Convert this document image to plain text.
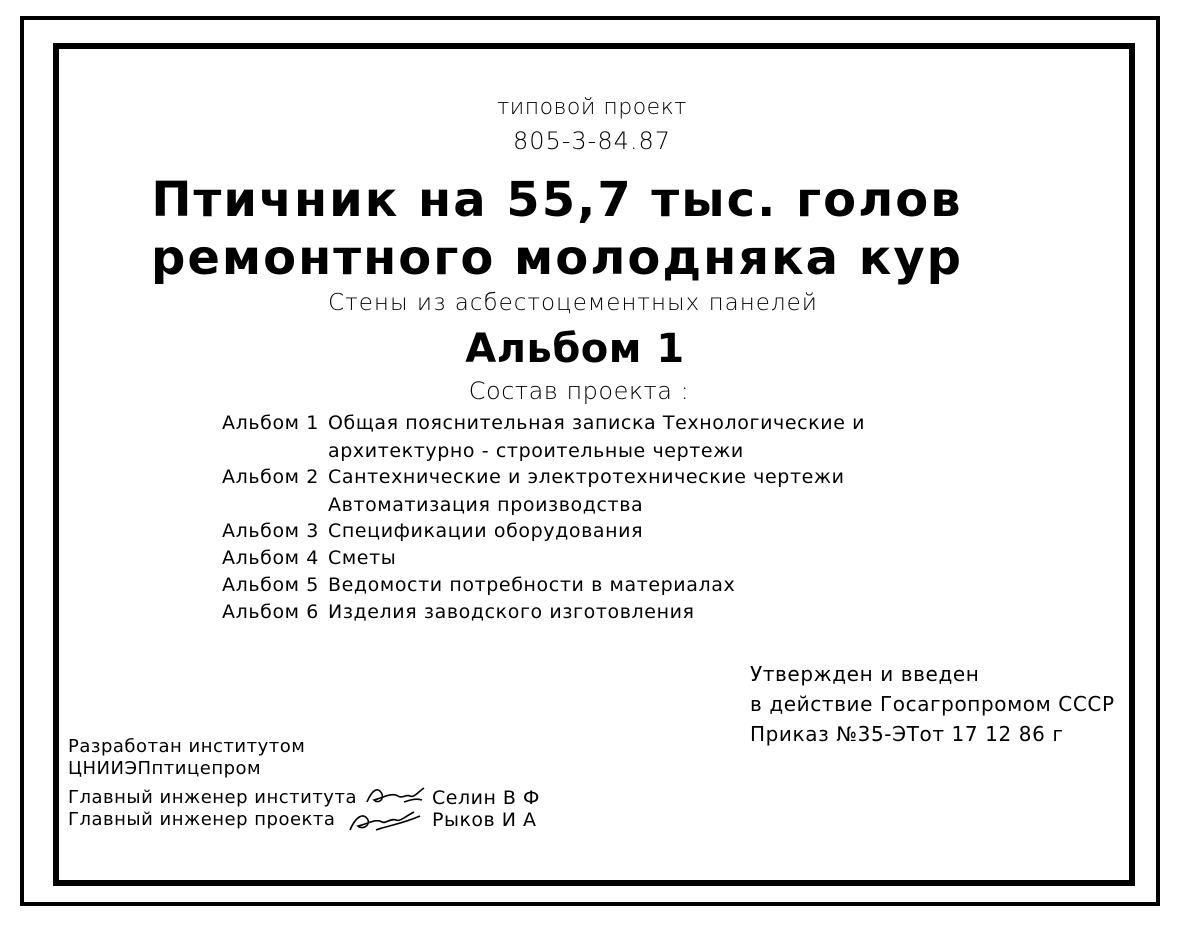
типовой проект
805-3-84.87
Птичник на 55,7 тыс. голов
ремонтного молодняка кур
Стены из асбестоцементных панелей
Альбом 1
Состав проекта :
Альбом 1 Общая пояснительная записка Технологические и
архитектурно - строительные чертежи
Альбом 2 Сантехнические и электротехнические чертежи
Автоматизация производства
Альбом 3 Спецификации оборудования
Альбом 4 Сметы
Альбом 5 Ведомости потребности в материалах
Альбом 6 Изделия заводского изготовления
Утвержден и введен
в действие Госагропромом СССР
Приказ №35-ЭТот 17 12 86 г
Разработан институтом
ЦНИИЭПптицепром
Главный инженер института	Селин В Ф
Главный инженер проекта	Рыков И А
